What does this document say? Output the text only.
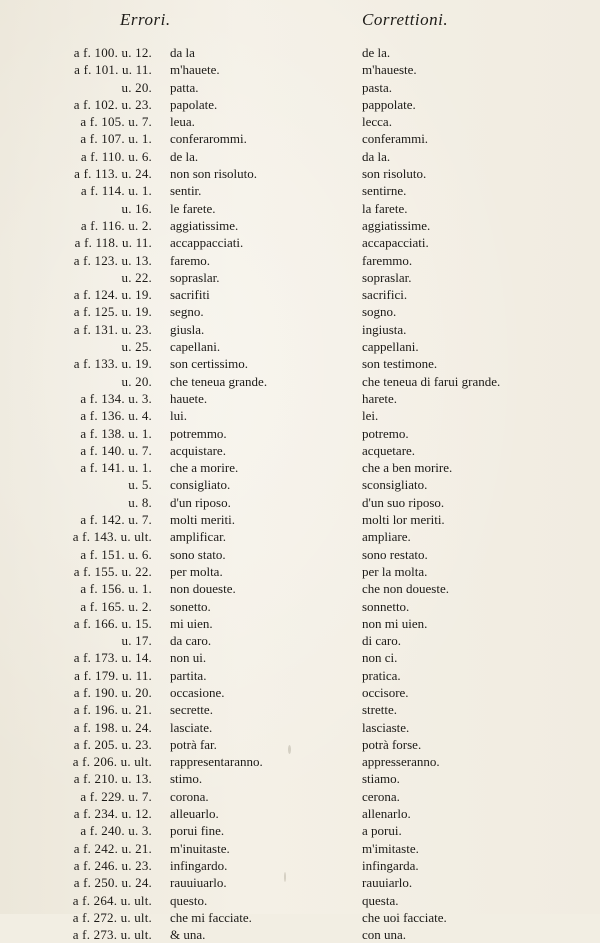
Errori.	Correttioni.
a f. 100. u. 12. da la	de la.
a f. 101. u. 11. m'hauete.	m'haueste.
u. 20. patta.	pasta.
a f. 102. u. 23. papolate.	pappolate.
a f. 105. u. 7. leua.	lecca.
a f. 107. u. 1. conferarommi.	conferammi.
a f. 110. u. 6. de la.	da la.
a f. 113. u. 24. non son risoluto.	son risoluto.
a f. 114. u. 1. sentir.	sentirne.
u. 16. le farete.	la farete.
a f. 116. u. 2. aggiatissime.	aggiatissime.
a f. 118. u. 11. accappacciati.	accapacciati.
a f. 123. u. 13. faremo.	faremmo.
u. 22. sopraslar.	sopraslar.
a f. 124. u. 19. sacrifiti	sacrifici.
a f. 125. u. 19. segno.	sogno.
a f. 131. u. 23. giusla.	ingiusta.
u. 25. capellani.	cappellani.
a f. 133. u. 19. son certissimo.	son testimone.
u. 20. che teneua grande.	che teneua di farui grande.
a f. 134. u. 3. hauete.	harete.
a f. 136. u. 4. lui.	lei.
a f. 138. u. 1. potremmo.	potremo.
a f. 140. u. 7. acquistare.	acquetare.
a f. 141. u. 1. che a morire.	che a ben morire.
u. 5. consigliato.	sconsigliato.
u. 8. d'un riposo.	d'un suo riposo.
a f. 142. u. 7. molti meriti.	molti lor meriti.
a f. 143. u. ult. amplificar.	ampliare.
a f. 151. u. 6. sono stato.	sono restato.
a f. 155. u. 22. per molta.	per la molta.
a f. 156. u. 1. non doueste.	che non doueste.
a f. 165. u. 2. sonetto.	sonnetto.
a f. 166. u. 15. mi uien.	non mi uien.
u. 17. da caro.	di caro.
a f. 173. u. 14. non ui.	non ci.
a f. 179. u. 11. partita.	pratica.
a f. 190. u. 20. occasione.	occisore.
a f. 196. u. 21. secrette.	strette.
a f. 198. u. 24. lasciate.	lasciaste.
a f. 205. u. 23. potrà far.	potrà forse.
a f. 206. u. ult. rappresentaranno.	appresseranno.
a f. 210. u. 13. stimo.	stiamo.
a f. 229. u. 7. corona.	cerona.
a f. 234. u. 12. alleuarlo.	allenarlo.
a f. 240. u. 3. porui fine.	a porui.
a f. 242. u. 21. m'inuitaste.	m'imitaste.
a f. 246. u. 23. infingardo.	infingarda.
a f. 250. u. 24. rauuiuarlo.	rauuiarlo.
a f. 264. u. ult. questo.	questa.
a f. 272. u. ult. che mi facciate.	che uoi facciate.
a f. 273. u. ult. & una.	con una.
